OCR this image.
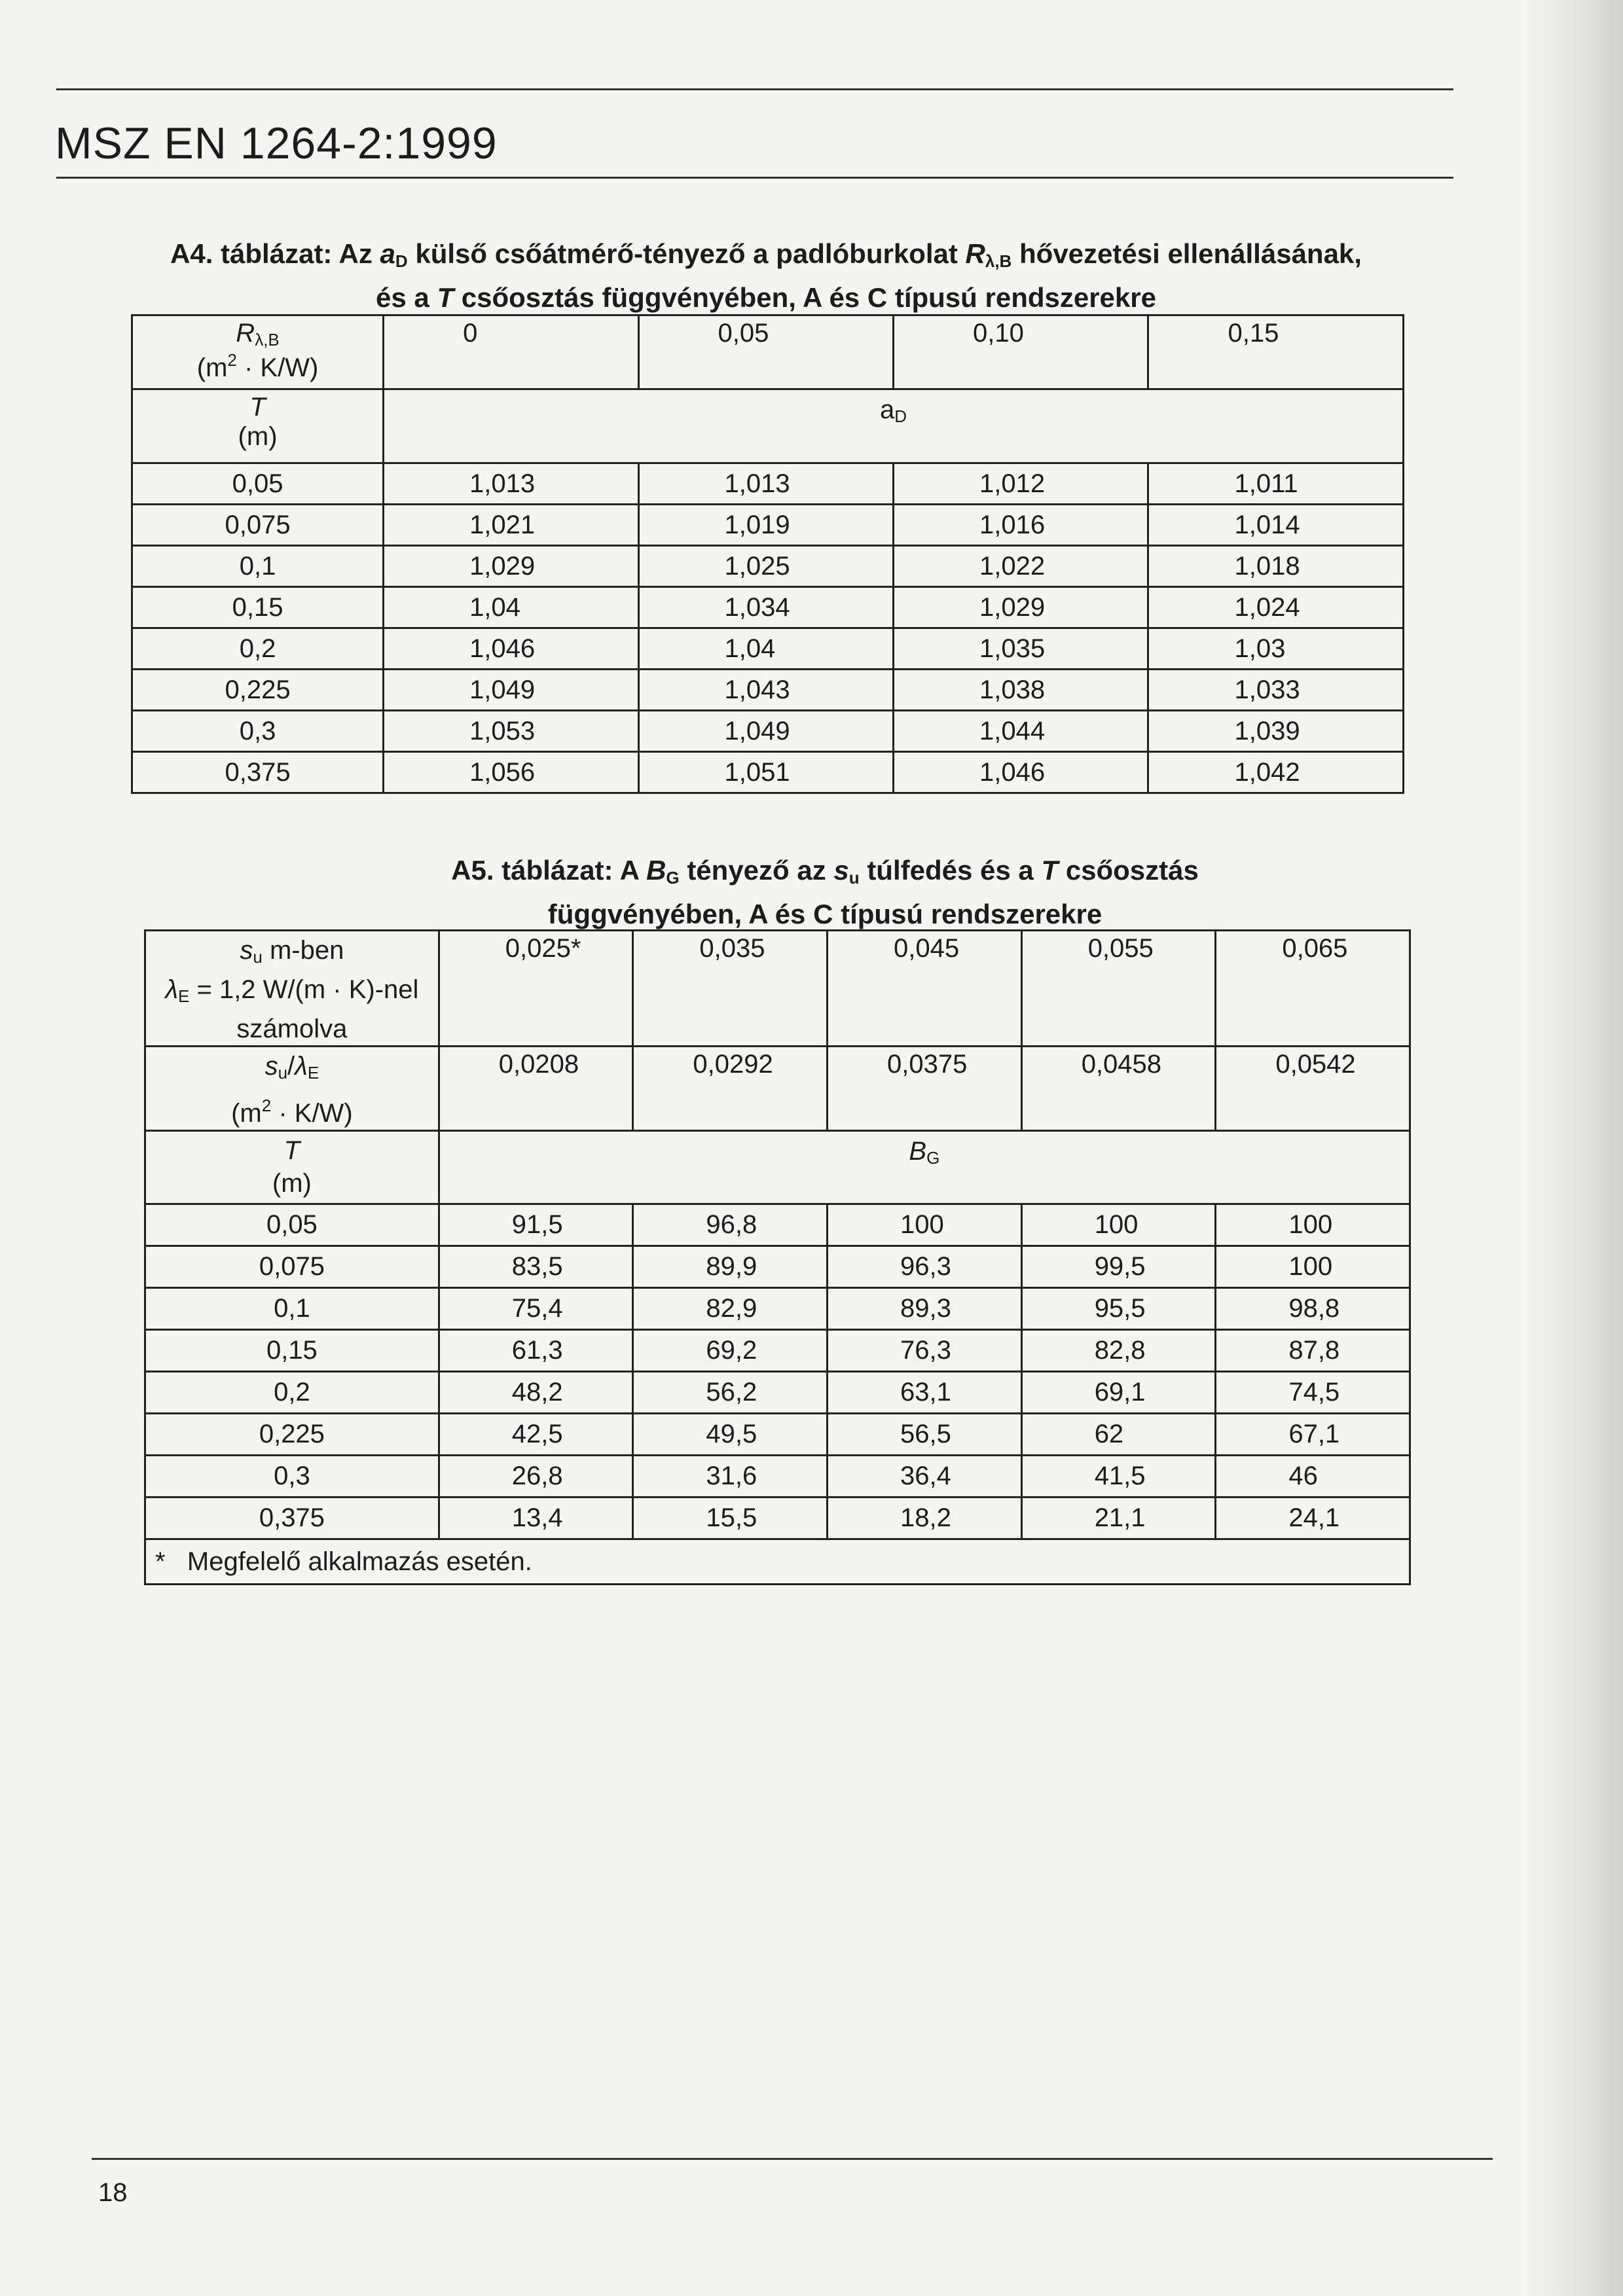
MSZ EN 1264-2:1999
A4. táblázat: Az $a_D$ külső csőátmérő-tényező a padlóburkolat $R_{\lambda,B}$ hővezetési ellenállásának,
és a T csőosztás függvényében, A és C típusú rendszerekre
$R_{\lambda,B}$
$(m^2 \cdot K/W)$	0	0,05	0,10	0,15

T
(m)	$a_D$
0,05	1,013	1,013	1,012	1,011
0,075	1,021	1,019	1,016	1,014
0,1	1,029	1,025	1,022	1,018
0,15	1,04	1,034	1,029	1,024
0,2	1,046	1,04	1,035	1,03
0,225	1,049	1,043	1,038	1,033
0,3	1,053	1,049	1,044	1,039
0,375	1,056	1,051	1,046	1,042
A5. táblázat: A $B_G$ tényező az $s_u$ túlfedés és a T csőosztás
függvényében, A és C típusú rendszerekre
$s_u$ m-ben
$\lambda_E = 1,2$ W/(m · K)-nel
számolva	0,025*	0,035	0,045	0,055	0,065

$s_u/\lambda_E$
$(m^2 \cdot K/W)$	0,0208	0,0292	0,0375	0,0458	0,0542

T
(m)	$B_G$
0,05	91,5	96,8	100	100	100
0,075	83,5	89,9	96,3	99,5	100
0,1	75,4	82,9	89,3	95,5	98,8
0,15	61,3	69,2	76,3	82,8	87,8
0,2	48,2	56,2	63,1	69,1	74,5
0,225	42,5	49,5	56,5	62	67,1
0,3	26,8	31,6	36,4	41,5	46
0,375	13,4	15,5	18,2	21,1	24,1
* Megfelelő alkalmazás esetén.					
18
